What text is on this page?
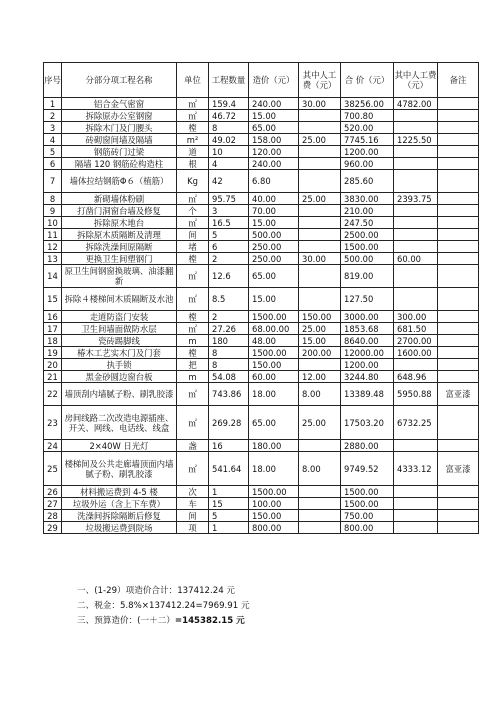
序号	分部分项工程名称	单位	工程数量	造价（元）	其中人工费（元）	合 价（元）	其中人工费（元）	备注
1	铝合金气密窗	㎡	159.4	240.00	30.00	38256.00	4782.00	
2	拆除原办公室钢窗	㎡	46.72	15.00		700.80		
3	拆除木门及门腰头	樘	8	65.00		520.00		
4	砖砌窗间墙及隔墙	m²	49.02	158.00	25.00	7745.16	1225.50	
5	钢筋砖门过梁	道	10	120.00		1200.00		
6	隔墙 120 钢筋砼构造柱	根	4	240.00		960.00		
7	墙体拉结钢筋Φ６（植筋）	Kg	42	6.80		285.60		
8	新砌墙体粉刷	㎡	95.75	40.00	25.00	3830.00	2393.75	
9	打凿门洞窗台墙及修复	个	3	70.00		210.00		
10	拆除原木地台	㎡	16.5	15.00		247.50		
11	拆除原木质隔断及清理	间	5	500.00		2500.00		
12	拆除洗澡间原隔断	堵	6	250.00		1500.00		
13	更换卫生间塑钢门	樘	2	250.00	30.00	500.00	60.00	
14	原卫生间钢窗换玻璃、油漆翻新	㎡	12.6	65.00		819.00		
15	拆除４楼梯间木质隔断及水池	㎡	8.5	15.00		127.50		
16	走道防盗门安装	樘	2	1500.00	150.00	3000.00	300.00	
17	卫生间墙面做防水层	㎡	27.26	68.00.00	25.00	1853.68	681.50	
18	瓷砖踢脚线	m	180	48.00	15.00	8640.00	2700.00	
19	椿木工艺实木门及门套	樘	8	1500.00	200.00	12000.00	1600.00	
20	执手锁	把	8	150.00		1200.00		
21	黑金砂圆边窗台板	m	54.08	60.00	12.00	3244.80	648.96	
22	墙顶刮内墙腻子粉、刷乳胶漆	㎡	743.86	18.00	8.00	13389.48	5950.88	富亚漆
23	房间线路二次改造电源插座、开关、网线、电话线、线盒	㎡	269.28	65.00	25.00	17503.20	6732.25	
24	2×40W 日光灯	盏	16	180.00		2880.00		
25	楼梯间及公共走廊墙顶面内墙腻子粉、刷乳胶漆	㎡	541.64	18.00	8.00	9749.52	4333.12	富亚漆
26	材料搬运费到 4-5 楼	次	1	1500.00		1500.00		
27	垃圾外运（含上下车费）	车	15	100.00		1500.00		
28	洗澡间拆除隔断后修复	间	5	150.00		750.00		
29	垃圾搬运费到院场	项	1	800.00		800.00		
一、(1-29）项造价合计：137412.24 元
二、税金：5.8%×137412.24=7969.91 元
三、预算造价：(一＋二）=145382.15 元
